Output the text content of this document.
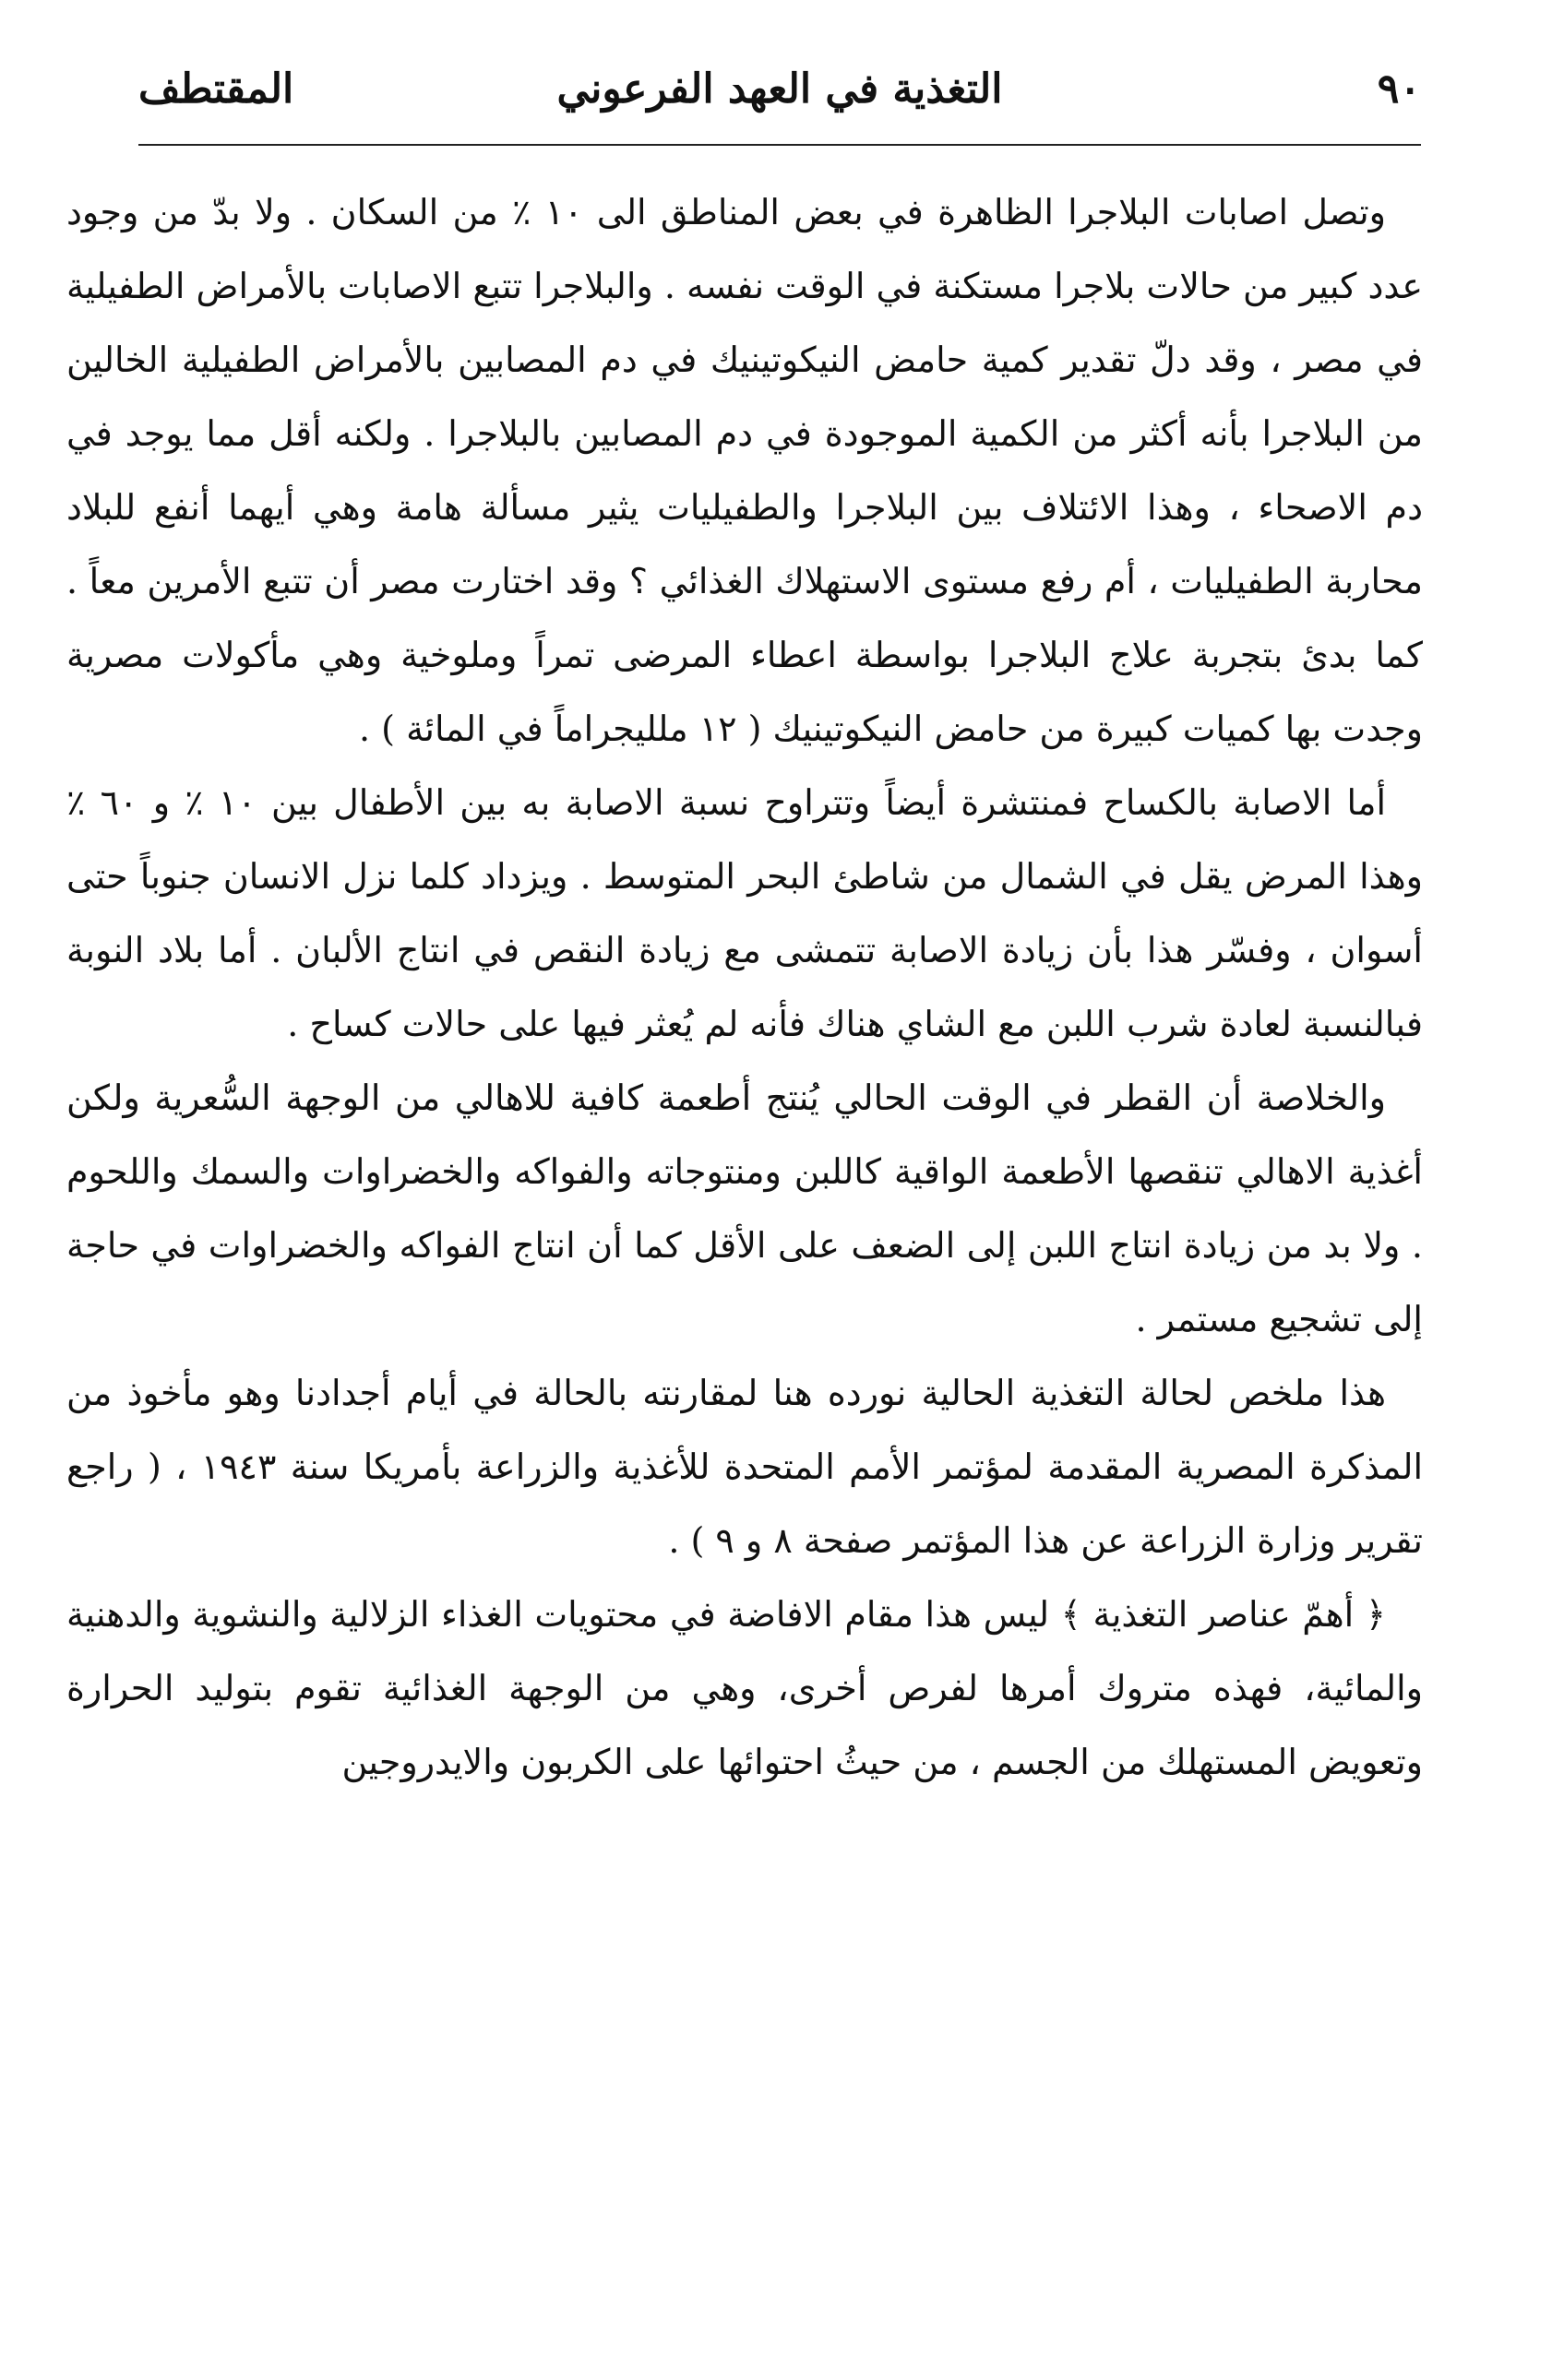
٩٠
التغذية في العهد الفرعوني
المقتطف

وتصل اصابات البلاجرا الظاهرة في بعض المناطق الى ١٠ ٪ من السكان . ولا بدّ من وجود عدد كبير من حالات بلاجرا مستكنة في الوقت نفسه . والبلاجرا تتبع الاصابات بالأمراض الطفيلية في مصر ، وقد دلّ تقدير كمية حامض النيكوتينيك في دم المصابين بالأمراض الطفيلية الخالين من البلاجرا بأنه أكثر من الكمية الموجودة في دم المصابين بالبلاجرا . ولكنه أقل مما يوجد في دم الاصحاء ، وهذا الائتلاف بين البلاجرا والطفيليات يثير مسألة هامة وهي أيهما أنفع للبلاد محاربة الطفيليات ، أم رفع مستوى الاستهلاك الغذائي ؟ وقد اختارت مصر أن تتبع الأمرين معاً . كما بدئ بتجربة علاج البلاجرا بواسطة اعطاء المرضى تمراً وملوخية وهي مأكولات مصرية وجدت بها كميات كبيرة من حامض النيكوتينيك ( ١٢ ملليجراماً في المائة ) .

أما الاصابة بالكساح فمنتشرة أيضاً وتتراوح نسبة الاصابة به بين الأطفال بين ١٠ ٪ و ٦٠ ٪ وهذا المرض يقل في الشمال من شاطئ البحر المتوسط . ويزداد كلما نزل الانسان جنوباً حتى أسوان ، وفسّر هذا بأن زيادة الاصابة تتمشى مع زيادة النقص في انتاج الألبان . أما بلاد النوبة فبالنسبة لعادة شرب اللبن مع الشاي هناك فأنه لم يُعثر فيها على حالات كساح .

والخلاصة أن القطر في الوقت الحالي يُنتج أطعمة كافية للاهالي من الوجهة السُّعرية ولكن أغذية الاهالي تنقصها الأطعمة الواقية كاللبن ومنتوجاته والفواكه والخضراوات والسمك واللحوم . ولا بد من زيادة انتاج اللبن إلى الضعف على الأقل كما أن انتاج الفواكه والخضراوات في حاجة إلى تشجيع مستمر .

هذا ملخص لحالة التغذية الحالية نورده هنا لمقارنته بالحالة في أيام أجدادنا وهو مأخوذ من المذكرة المصرية المقدمة لمؤتمر الأمم المتحدة للأغذية والزراعة بأمريكا سنة ١٩٤٣ ، ( راجع تقرير وزارة الزراعة عن هذا المؤتمر صفحة ٨ و ٩ ) .

﴿ أهمّ عناصر التغذية ﴾ ليس هذا مقام الافاضة في محتويات الغذاء الزلالية والنشوية والدهنية والمائية، فهذه متروك أمرها لفرص أخرى، وهي من الوجهة الغذائية تقوم بتوليد الحرارة وتعويض المستهلك من الجسم ، من حيثُ احتوائها على الكربون والايدروجين
